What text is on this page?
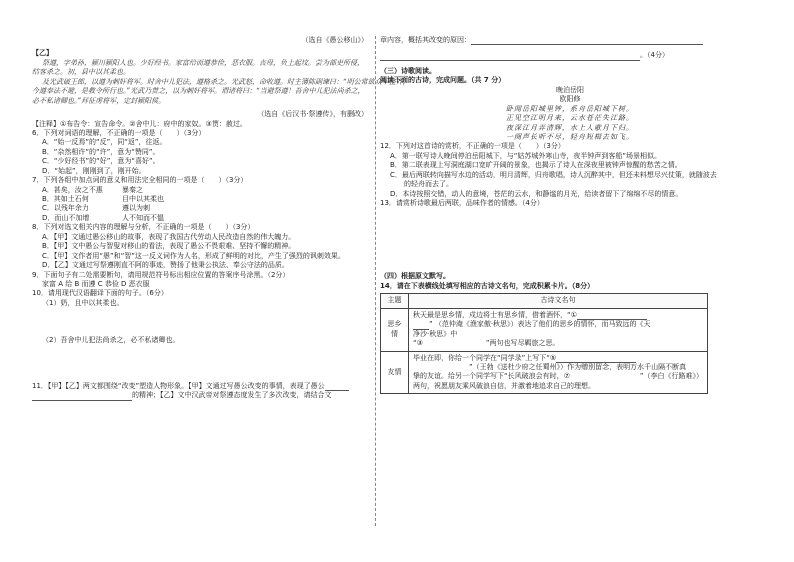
（选自《愚公移山》）
【乙】
祭遵，字弟孙，颍川颍阳人也。少好经书。家富给而遵恭俭，恶衣服。丧母，负土起坟。尝为部吏所侵，
结客杀之。初，县中以其柔也。
及光武破王郎，以遵为刺奸将军。时舍中儿犯法，遵格杀之。光武怒，命收遵。时主簿陈副谏曰：“明公常欲众军整齐，
今遵奉法不避，是教令所行也。”光武乃贳之，以为刺奸将军。谓诸将曰：“当避祭遵！吾舍中儿犯法尚杀之，
必不私诸卿也。”拜征虏将军，定封颍阳侯。
（选自《后汉书·祭遵传》，有删改）
【注释】①布告令：宣告命令。②舍中儿：府中的家奴。③贳：赦过。
6．下列对词语的理解，不正确的一项是（　　）（3分）
A．“始一反焉”的“反”，同“返”，往返。
B．“杂然相许”的“许”，意为“赞同”。
C．“少好经书”的“好”，意为“喜好”。
D．“始起”，刚刚到了，刚开始。
7．下列各组中加点词的意义和用法完全相同的一项是（　　）（3分）
A．甚矣，汝之不惠	暴秦之
B．其如土石何	目中以其柔也
C．以残年余力	遵以为刺
D．而山不加增	人不知而不愠
8．下列对选文相关内容的理解与分析，不正确的一项是（　　）（3分）
A．【甲】文通过愚公移山的故事，表现了我国古代劳动人民改造自然的伟大魄力。
B．【甲】文中愚公与智叟对移山的看法，表现了愚公不畏艰难、坚持不懈的精神。
C．【甲】文作者用“愚”和“智”这一反义词作为人名，形成了鲜明的对比，产生了强烈的讽刺效果。
D．【乙】文通过写祭遵刚直不阿的事迹，赞扬了他秉公执法、奉公守法的品质。
9．下面句子有二处需要断句，请用规范符号标出相应位置的答案序号涂黑。（2分）
家富 A 给 B 而遵 C 恭俭 D 恶衣服
10．请用现代汉语翻译下面的句子。（6分）
（1）奶，且中以其柔也。
（2）吾舍中儿犯法尚杀之，必不私诸卿也。
11．【甲】【乙】两文都围绕“改变”塑造人物形象。【甲】文通过写愚公改变的事情，表现了愚公
的精神；【乙】文中汉武帝对祭遵态度发生了多次改变，请结合文
章内容，概括其改变的原因：
。（4分）
（三）诗歌阅读。
阅读下面的古诗，完成问题。（共 7 分）
晚泊岳阳
欧阳修
卧闻岳阳城里钟，系舟岳阳城下树。
正见空江明月来，云水苍茫失江路。
夜深江月弄清辉，水上人歌月下归。
一阕声长听不尽，轻舟短楫去如飞。
12．下列对这首诗的赏析，不正确的一项是（　　）（3分）
A．第一联写诗人晚间停泊岳阳城下，与“姑苏城外寒山寺，夜半钟声到客船”场景相似。
B．第二联表现上写洞庭湖口宽旷开阔的景象，也揭示了诗人在深夜里被钟声惊醒的愁苦之情。
C．最后两联转向描写水边的活动，明月清辉，归舟歌唱，诗人沉醉其中，但还未料想尽兴仗策，就随波去
　　的轻舟而去了。
D．本诗按照交错，动人的意境，苍茫的云水，和静谧的月光，给读者留下了绵绵不尽的情意。
13．请赏析诗歌最后两联，品味作者的情感。（4分）
（四）根据原文默写。
14．请在下表横线处填写相应的古诗文名句，完成积累卡片。（8分）
主题	古诗文名句
思乡情	秋天最是思乡情，戍边将士有思乡情，借着酒怀，“①
” （范仲淹《渔家傲·秋思》）表达了他们的思乡的情怀，而马致远的《天
净沙·秋思》中
“③　　　　　　　　　”两句也写尽羁旅之思。

友情	毕业在即，你给一个同学在“同学录”上写下“⑤
　　　　　　　　”（王勃《送杜少府之任蜀州》）作为赠别留念，表明万水千山隔不断真
挚的友谊。给另一个同学写下“长风破浪会有时，⑦　　　　　　　　　　”（李白《行路难》）
两句，祝愿朋友乘风破浪自信，并激着地追求自己的理想。
